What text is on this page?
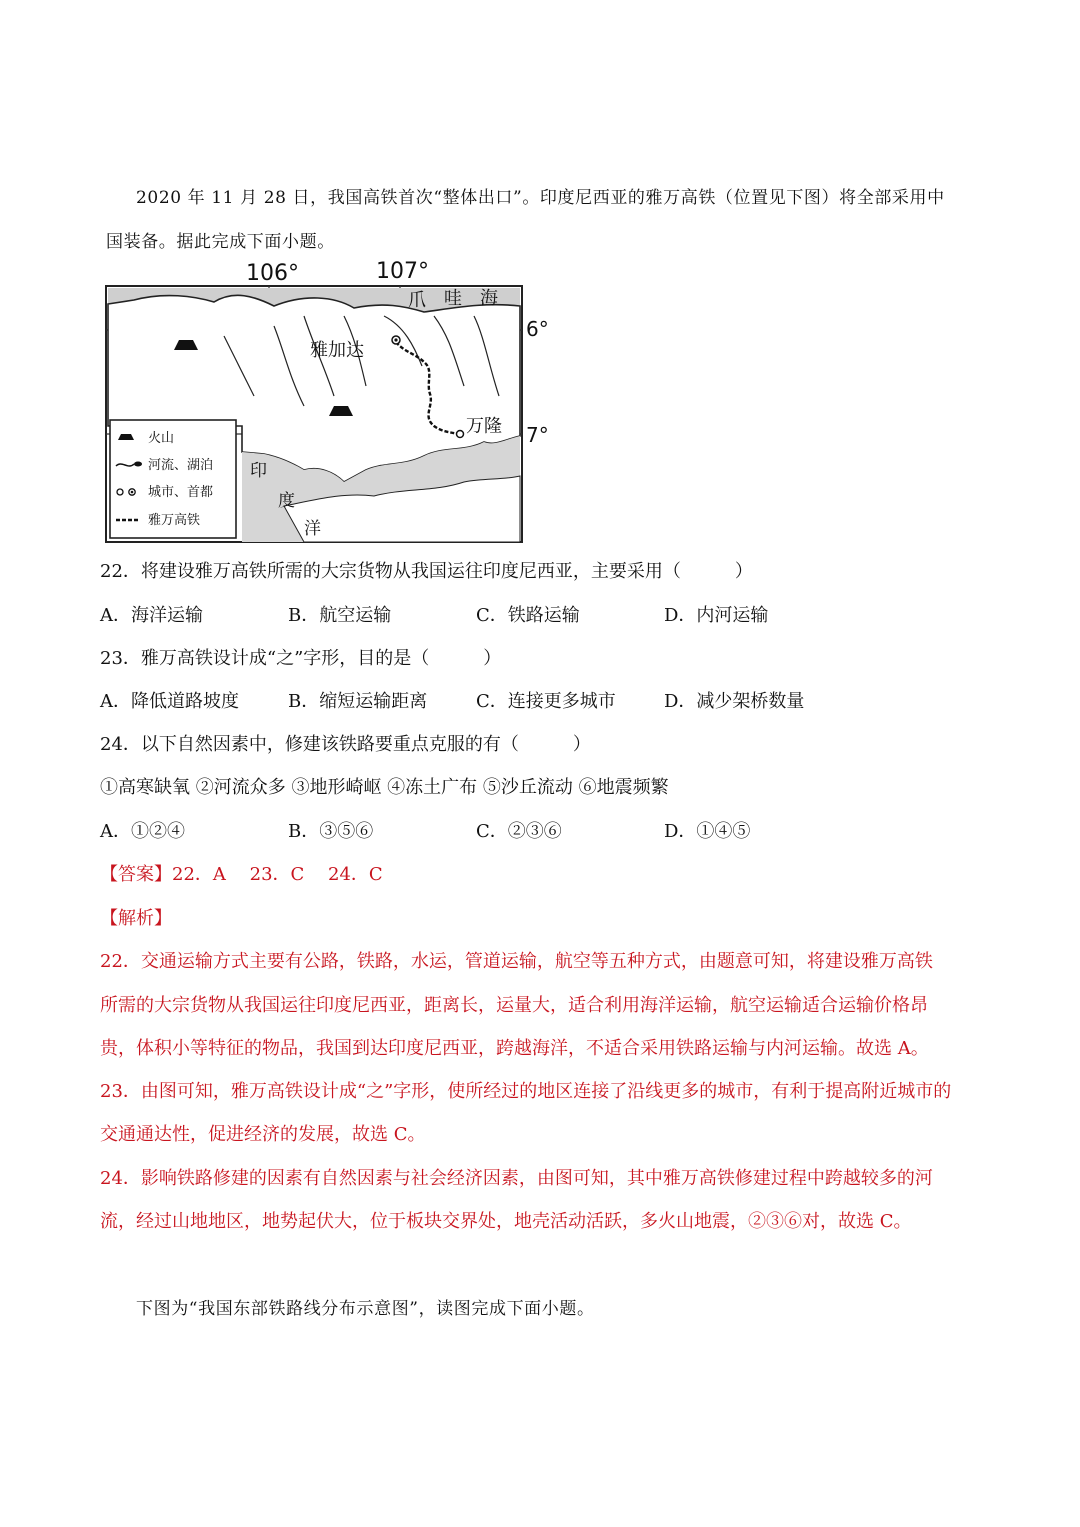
2020 年 11 月 28 日，我国高铁首次“整体出口”。印度尼西亚的雅万高铁（位置见下图）将全部采用中
国装备。据此完成下面小题。
106°	107°
6°
7°
雅加达
万隆
爪 哇 海
印
度
洋
火山
河流、湖泊
城市、首都
雅万高铁
22．将建设雅万高铁所需的大宗货物从我国运往印度尼西亚，主要采用（　　　）
A．海洋运输	B．航空运输	C．铁路运输	D．内河运输
23．雅万高铁设计成“之”字形，目的是（　　　）
A．降低道路坡度	B．缩短运输距离	C．连接更多城市	D．减少架桥数量
24．以下自然因素中，修建该铁路要重点克服的有（　　　）
①高寒缺氧 ②河流众多 ③地形崎岖 ④冻土广布 ⑤沙丘流动 ⑥地震频繁
A．①②④	B．③⑤⑥	C．②③⑥	D．①④⑤
【答案】22．A　 23．C　 24．C
【解析】
22．交通运输方式主要有公路，铁路，水运，管道运输，航空等五种方式，由题意可知，将建设雅万高铁
所需的大宗货物从我国运往印度尼西亚，距离长，运量大，适合利用海洋运输，航空运输适合运输价格昂
贵，体积小等特征的物品，我国到达印度尼西亚，跨越海洋，不适合采用铁路运输与内河运输。故选 A。
23．由图可知，雅万高铁设计成“之”字形，使所经过的地区连接了沿线更多的城市，有利于提高附近城市的
交通通达性，促进经济的发展，故选 C。
24．影响铁路修建的因素有自然因素与社会经济因素，由图可知，其中雅万高铁修建过程中跨越较多的河
流，经过山地地区，地势起伏大，位于板块交界处，地壳活动活跃，多火山地震，②③⑥对，故选 C。
下图为“我国东部铁路线分布示意图”，读图完成下面小题。
